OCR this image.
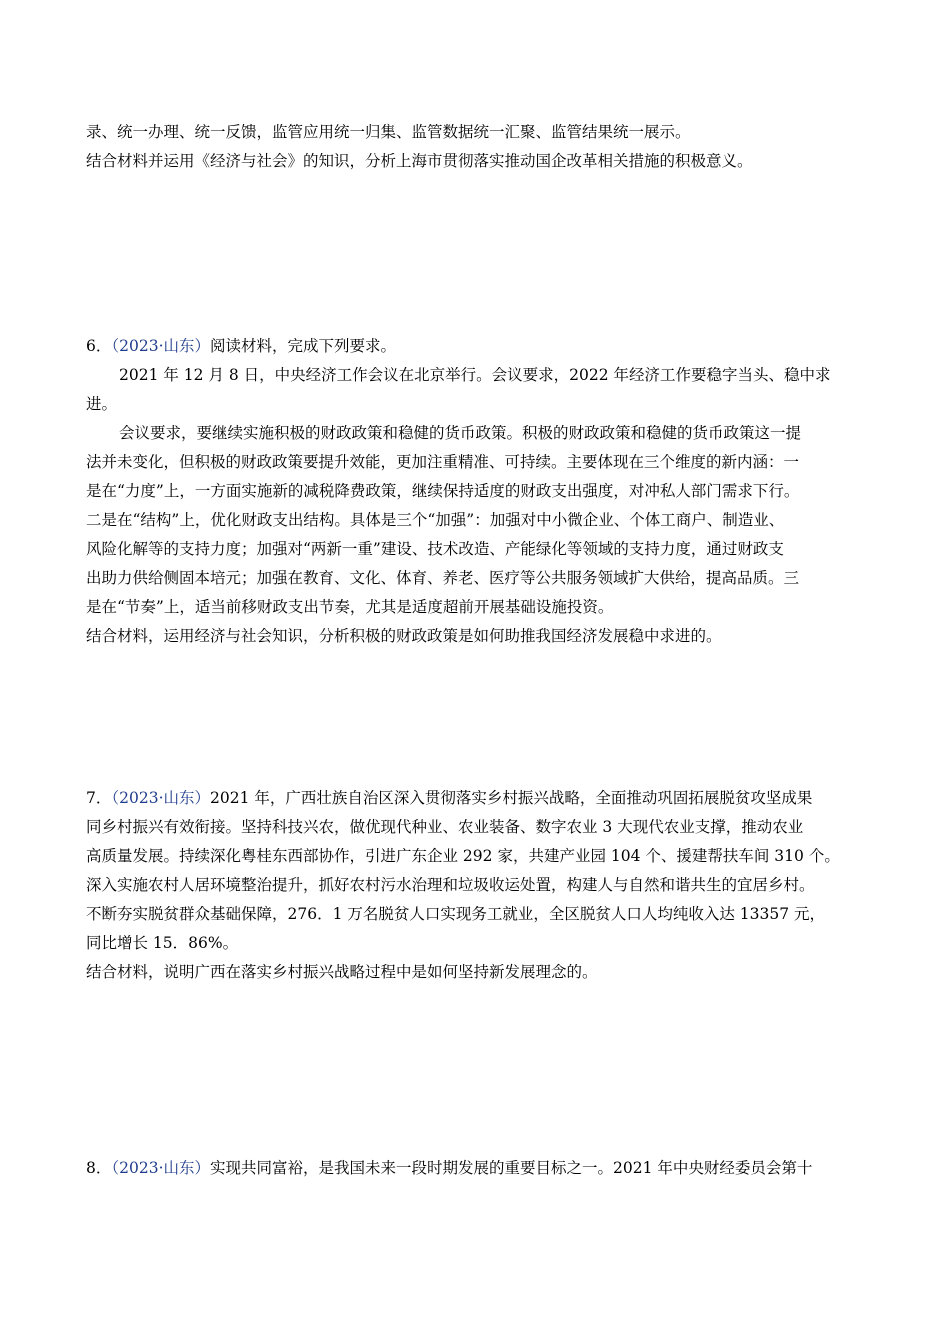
录、统一办理、统一反馈，监管应用统一归集、监管数据统一汇聚、监管结果统一展示。
结合材料并运用《经济与社会》的知识，分析上海市贯彻落实推动国企改革相关措施的积极意义。
6．（2023·山东）阅读材料，完成下列要求。
2021 年 12 月 8 日，中央经济工作会议在北京举行。会议要求，2022 年经济工作要稳字当头、稳中求
进。
会议要求，要继续实施积极的财政政策和稳健的货币政策。积极的财政政策和稳健的货币政策这一提
法并未变化，但积极的财政政策要提升效能，更加注重精准、可持续。主要体现在三个维度的新内涵：一
是在“力度”上，一方面实施新的减税降费政策，继续保持适度的财政支出强度，对冲私人部门需求下行。
二是在“结构”上，优化财政支出结构。具体是三个“加强”：加强对中小微企业、个体工商户、制造业、
风险化解等的支持力度；加强对“两新一重”建设、技术改造、产能绿化等领域的支持力度，通过财政支
出助力供给侧固本培元；加强在教育、文化、体育、养老、医疗等公共服务领域扩大供给，提高品质。三
是在“节奏”上，适当前移财政支出节奏，尤其是适度超前开展基础设施投资。
结合材料，运用经济与社会知识，分析积极的财政政策是如何助推我国经济发展稳中求进的。
7．（2023·山东）2021 年，广西壮族自治区深入贯彻落实乡村振兴战略，全面推动巩固拓展脱贫攻坚成果
同乡村振兴有效衔接。坚持科技兴农，做优现代种业、农业装备、数字农业 3 大现代农业支撑，推动农业
高质量发展。持续深化粤桂东西部协作，引进广东企业 292 家，共建产业园 104 个、援建帮扶车间 310 个。
深入实施农村人居环境整治提升，抓好农村污水治理和垃圾收运处置，构建人与自然和谐共生的宜居乡村。
不断夯实脱贫群众基础保障，276．1 万名脱贫人口实现务工就业，全区脱贫人口人均纯收入达 13357 元，
同比增长 15．86%。
结合材料，说明广西在落实乡村振兴战略过程中是如何坚持新发展理念的。
8．（2023·山东）实现共同富裕，是我国未来一段时期发展的重要目标之一。2021 年中央财经委员会第十
